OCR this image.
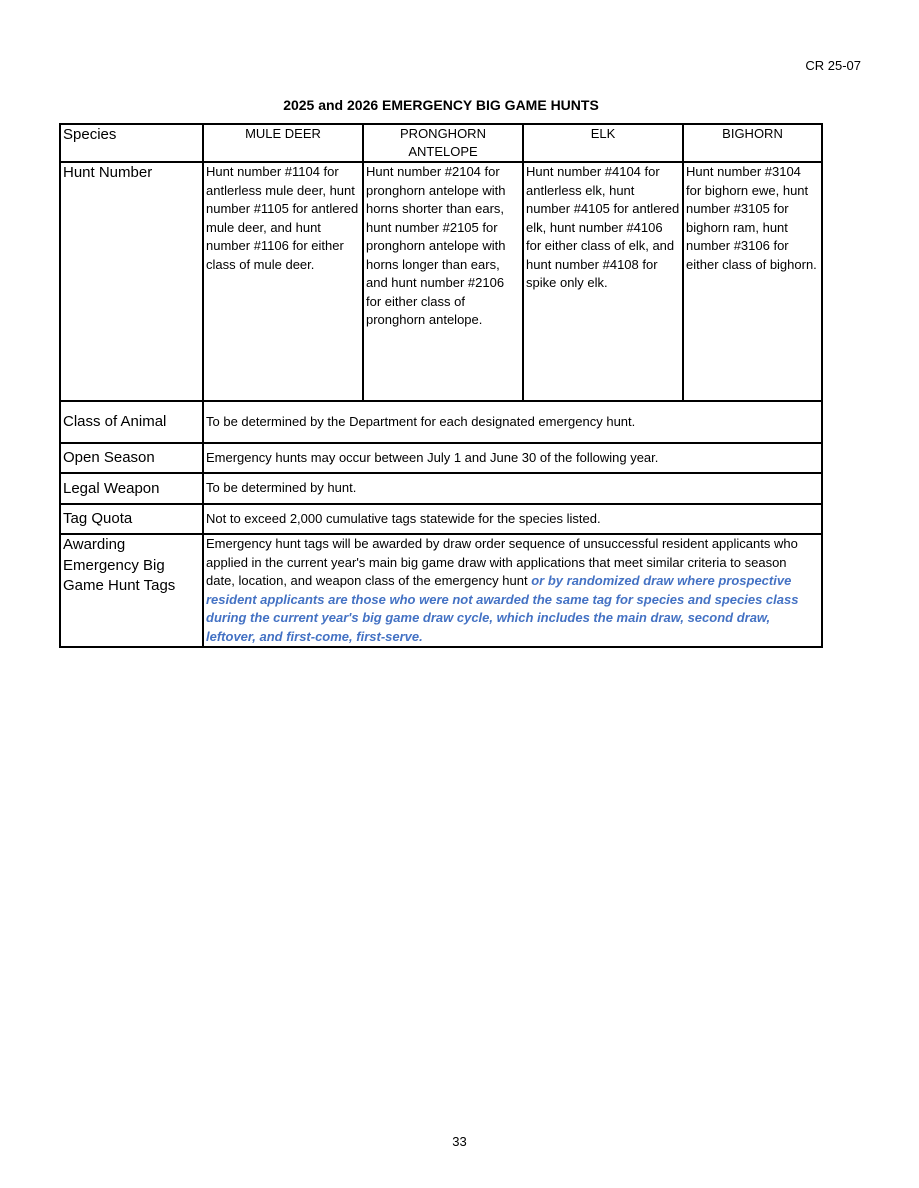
CR 25-07
2025 and 2026 EMERGENCY BIG GAME HUNTS
Species	MULE DEER	PRONGHORN ANTELOPE	ELK	BIGHORN
Hunt Number	Hunt number #1104 for antlerless mule deer, hunt number #1105 for antlered mule deer, and hunt number #1106 for either class of mule deer.	Hunt number #2104 for pronghorn antelope with horns shorter than ears, hunt number #2105 for pronghorn antelope with horns longer than ears, and hunt number #2106 for either class of pronghorn antelope.	Hunt number #4104 for antlerless elk, hunt number #4105 for antlered elk, hunt number #4106 for either class of elk, and hunt number #4108 for spike only elk.	Hunt number #3104 for bighorn ewe, hunt number #3105 for bighorn ram, hunt number #3106 for either class of bighorn.
Class of Animal	To be determined by the Department for each designated emergency hunt.			
Open Season	Emergency hunts may occur between July 1 and June 30 of the following year.			
Legal Weapon	To be determined by hunt.			
Tag Quota	Not to exceed 2,000 cumulative tags statewide for the species listed.			
Awarding Emergency Big Game Hunt Tags	Emergency hunt tags will be awarded by draw order sequence of unsuccessful resident applicants who applied in the current year's main big game draw with applications that meet similar criteria to season date, location, and weapon class of the emergency hunt or by randomized draw where prospective resident applicants are those who were not awarded the same tag for species and species class during the current year's big game draw cycle, which includes the main draw, second draw, leftover, and first-come, first-serve.			
33
